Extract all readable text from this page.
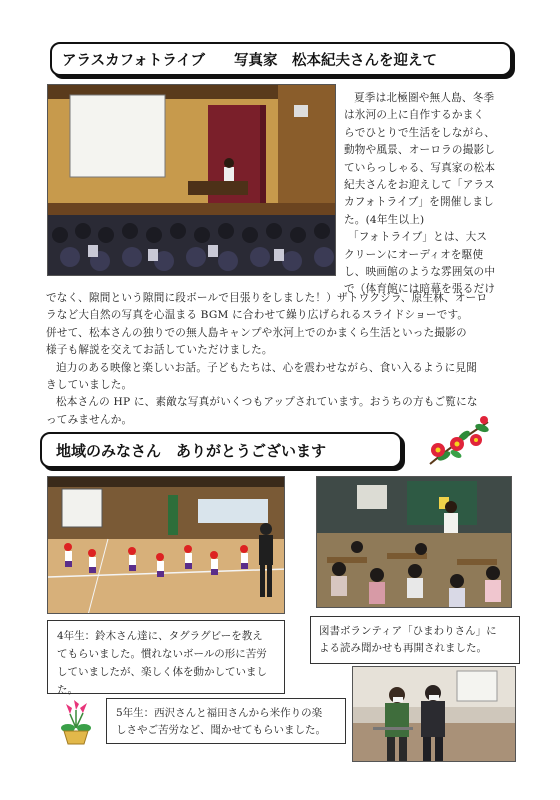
アラスカフォトライブ　　写真家　松本紀夫さんを迎えて

夏季は北極圏や無人島、冬季

は氷河の上に自作するかまく

らでひとりで生活をしながら、

動物や風景、オーロラの撮影し

ていらっしゃる、写真家の松本

紀夫さんをお迎えして「アラス

カフォトライブ」を開催しまし

た。(4年生以上)

「フォトライブ」とは、大ス

クリーンにオーディオを駆使

し、映画館のような雰囲気の中

で（体育館には暗幕を張るだけ

でなく、隙間という隙間に段ボールで目張りをしました！）ザトウクジラ、原生林、オーロ

ラなど大自然の写真を心温まる BGM に合わせて繰り広げられるスライドショーです。

併せて、松本さんの独りでの無人島キャンプや氷河上でのかまくら生活といった撮影の

様子も解説を交えてお話していただけました。

迫力のある映像と楽しいお話。子どもたちは、心を震わせながら、食い入るように見聞

きしていました。

松本さんの HP に、素敵な写真がいくつもアップされています。おうちの方もご覧にな

ってみませんか。

地域のみなさん　ありがとうございます
4年生：鈴木さん達に、タグラグビーを教え
てもらいました。慣れないボールの形に苦労
していましたが、楽しく体を動かしていまし
た。
図書ボランティア「ひまわりさん」に
よる読み聞かせも再開されました。
5年生：西沢さんと福田さんから米作りの楽
しさやご苦労など、聞かせてもらいました。
